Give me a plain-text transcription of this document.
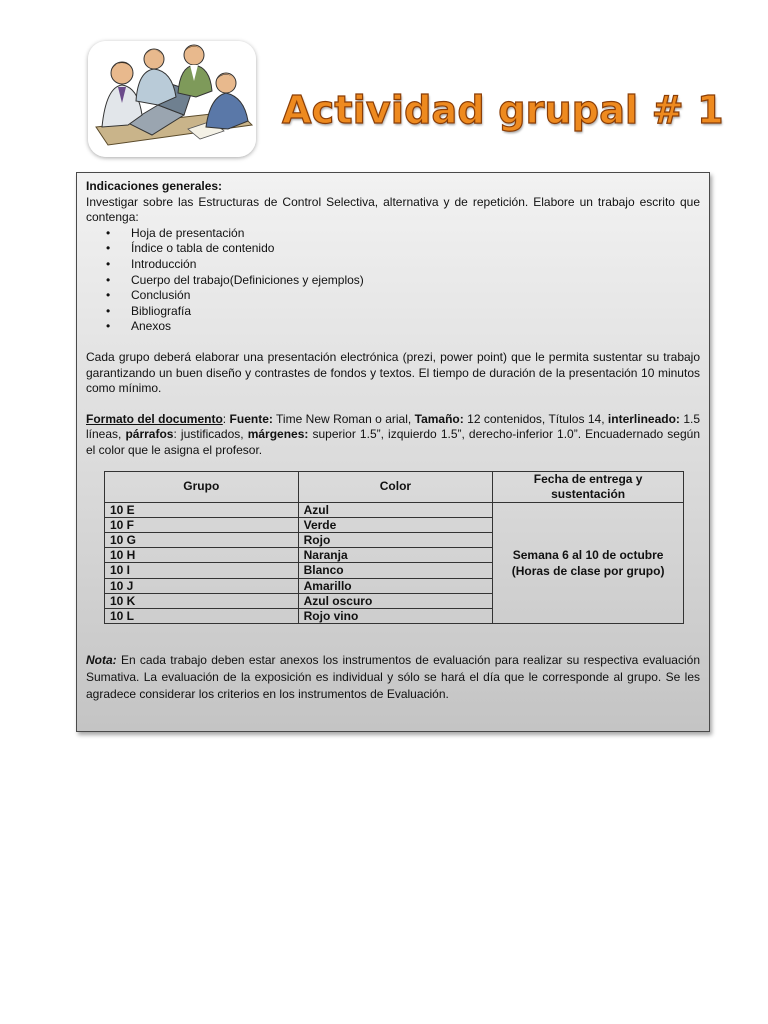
Actividad grupal # 1

Indicaciones generales:

Investigar sobre las Estructuras de Control Selectiva, alternativa y de repetición. Elabore un trabajo escrito que contenga:

• Hoja de presentación
• Índice o tabla de contenido
• Introducción
• Cuerpo del trabajo(Definiciones y ejemplos)
• Conclusión
• Bibliografía
• Anexos

Cada grupo deberá elaborar una presentación electrónica (prezi, power point) que le permita sustentar su trabajo garantizando un buen diseño y contrastes de fondos y textos. El tiempo de duración de la presentación 10 minutos como mínimo.

Formato del documento: Fuente: Time New Roman o arial, Tamaño: 12 contenidos, Títulos 14, interlineado: 1.5 líneas, párrafos: justificados, márgenes: superior 1.5”, izquierdo 1.5”, derecho-inferior 1.0”. Encuadernado según el color que le asigna el profesor.

Grupo	Color	Fecha de entrega y sustentación
10 E	Azul	Semana 6 al 10 de octubre
(Horas de clase por grupo)
10 F	Verde	
10 G	Rojo	
10 H	Naranja	
10 I	Blanco	
10 J	Amarillo	
10 K	Azul oscuro	
10 L	Rojo vino	

Nota: En cada trabajo deben estar anexos los instrumentos de evaluación para realizar su respectiva evaluación Sumativa. La evaluación de la exposición es individual y sólo se hará el día que le corresponde al grupo. Se les agradece considerar los criterios en los instrumentos de Evaluación.
